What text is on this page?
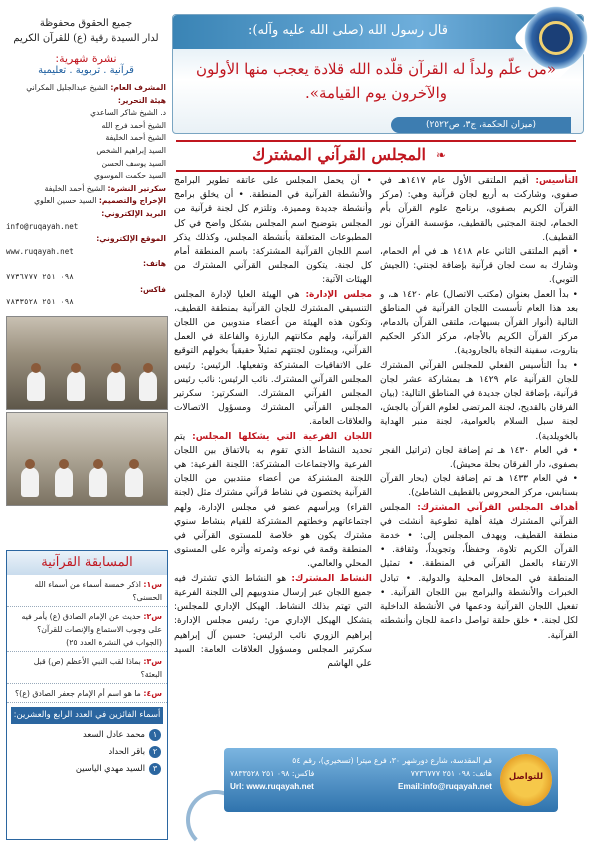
قال رسول الله (صلى الله عليه وآله):
«من علّم ولداً له القرآن قلّده الله قلادة يعجب منها الأولون والآخرون يوم القيامة».
(ميزان الحكمة، ج٣، ص٢٥٢٢)
جميع الحقوق محفوظة
لدار السيدة رقية (ع) للقرآن الكريم
نشرة شهرية:
قرآنية . تربوية . تعليمية
المشرف العام: الشيخ عبدالجليل المكراني
هيئة التحرير:
د. الشيخ شاكر الساعدي
الشيخ أحمد فرج الله
الشيخ أحمد الخليفة
السيد إبراهيم الشخص
السيد يوسف الحسن
السيد حكمت الموسوي
سكرتير النشرة: الشيخ أحمد الخليفة
الإخراج والتصميم: السيد حسين العلوي
البريد الإلكتروني:
info@ruqayah.net
الموقع الإلكتروني:
www.ruqayah.net
هاتف:
٠٩٨ ٢٥١ ٧٧٣٦٧٧٧
فاكس:
٠٩٨ ٢٥١ ٧٨٣٣٥٢٨
المسابقة القرآنية
س١: اذكر خمسة أسماء من أسماء الله الحسنى؟
س٢: حديث عن الإمام الصادق (ع) يأمر فيه على وجوب الاستماع والإنصات للقرآن؟ (الجواب في النشرة العدد ٢٥)
س٣: بماذا لقب النبي الأعظم (ص) قبل البعثة؟
س٤: ما هو اسم أم الإمام جعفر الصادق (ع)؟
أسماء الفائزين في العدد الرابع والعشرين:
١محمد عادل السعد
٢باقر الحداد
٣السيد مهدي الياسين
❧
المجلس القرآني المشترك

التأسيس: أقيم الملتقى الأول عام ١٤١٧هـ في صفوى، وشاركت به أربع لجان قرآنية وهي: (مركز القرآن الكريم بصفوى، برنامج علوم القرآن بأم الحمام، لجنة المجتبى بالقطيف، مؤسسة القرآن نور القطيف).

• أقيم الملتقى الثاني عام ١٤١٨ هـ في أم الحمام، وشارك به ست لجان قرآنية بإضافة لجنتي: (الجيش التوبي).

• بدأ العمل بعنوان (مكتب الاتصال) عام ١٤٢٠ هـ، و بعد هذا العام تأسست اللجان القرآنية في المناطق التالية (أنوار القرآن بسيهات، ملتقى القرآن بالدمام، مركز القرآن الكريم بالأجام، مركز الذكر الحكيم بتاروت، سفينة النجاة بالجارودية).

• بدأ التأسيس الفعلي للمجلس القرآني المشترك للجان القرآنية عام ١٤٢٩ هـ بمشاركة عشر لجان قرآنية، بإضافة لجان جديدة في المناطق التالية: (بيان الفرقان بالقديح، لجنة المرتضى لعلوم القرآن بالجش، لجنة سبل السلام بالعوامية، لجنة منبر الهداية بالخويلدية).

• في العام ١٤٣٠ هـ تم إضافة لجان (تراتيل الفجر بصفوى، دار الفرقان بحلة محيش).

• في العام ١٤٣٣ هـ تم إضافة لجان (بحار القرآن بسنابس، مركز المحروس بالقطيف الشاطئ).

أهداف المجلس القرآني المشترك: المجلس القرآني المشترك هيئة أهلية تطوعية أنشئت في منطقة القطيف، ويهدف المجلس إلى: • خدمة القرآن الكريم تلاوة، وحفظاً، وتجويداً، وثقافة. • الارتقاء بالعمل القرآني في المنطقة. • تمثيل المنطقة في المحافل المحلية والدولية. • تبادل الخبرات والأنشطة والبرامج بين اللجان القرآنية. • تفعيل اللجان القرآنية ودعمها في الأنشطة الداخلية لكل لجنة. • خلق حلقة تواصل داعمة للجان وأنشطته القرآنية.

• أن يحمل المجلس على عاتقه تطوير البرامج والأنشطة القرآنية في المنطقة. • أن يخلق برامج وأنشطة جديدة ومميزة. وتلتزم كل لجنة قرآنية من المجلس بتوضيح اسم المجلس بشكل واضح في كل المطبوعات المتعلقة بأنشطة المجلس، وكذلك يذكر اسم اللجان القرآنية المشتركة: باسم المنطقة أمام كل لجنة. يتكون المجلس القرآني المشترك من الهيئات الآتية:

مجلس الإدارة: هي الهيئة العليا لإدارة المجلس التنسيقي المشترك للجان القرآنية بمنطقة القطيف، وتكون هذه الهيئة من أعضاء مندوبين من اللجان القرآنية، ولهم مكانتهم البارزة والفاعلة في العمل القرآني، ويمثلون لجنتهم تمثيلاً حقيقياً بخولهم التوقيع على الاتفاقيات المشتركة وتفعيلها. الرئيس: رئيس المجلس القرآني المشترك. نائب الرئيس: نائب رئيس المجلس القرآني المشترك. السكرتير: سكرتير المجلس القرآني المشترك ومسؤول الاتصالات والعلاقات العامة.

اللجان الفرعية التي يشكلها المجلس: يتم تحديد النشاط الذي تقوم به بالاتفاق بين اللجان الفرعية والاجتماعات المشتركة: اللجنة الفرعية: هي اللجنة المشتركة من أعضاء منتدبين من اللجان القرآنية يختصون في نشاط قرآني مشترك مثل (لجنة القراء) ويرأسهم عضو في مجلس الإدارة، ولهم اجتماعاتهم وخطتهم المشتركة للقيام بنشاط سنوي مشترك يكون هو خلاصة للمستوى القرآني في المنطقة وقمة في نوعه وثمرته وأثره على المستوى المحلي والعالمي.

النشاط المشترك: هو النشاط الذي تشترك فيه جميع اللجان عبر إرسال مندوبيهم إلى اللجنة الفرعية التي تهتم بذلك النشاط. الهيكل الإداري للمجلس: يتشكل الهيكل الإداري من: رئيس مجلس الإدارة: إبراهيم الزوري نائب الرئيس: حسين آل إبراهيم سكرتير المجلس ومسؤول العلاقات العامة: السيد علي الهاشم

للتواصل
قم المقدسة، شارع دورشهر ٣٠، فرع ميترا (تسخيري)، رقم ٥٤
هاتف: ٠٩٨ ٢٥١ ٧٧٣٦٧٧٧
فاكس: ٠٩٨ ٢٥١ ٧٨٣٣٥٢٨
Email:info@ruqayah.net
Url: www.ruqayah.net
